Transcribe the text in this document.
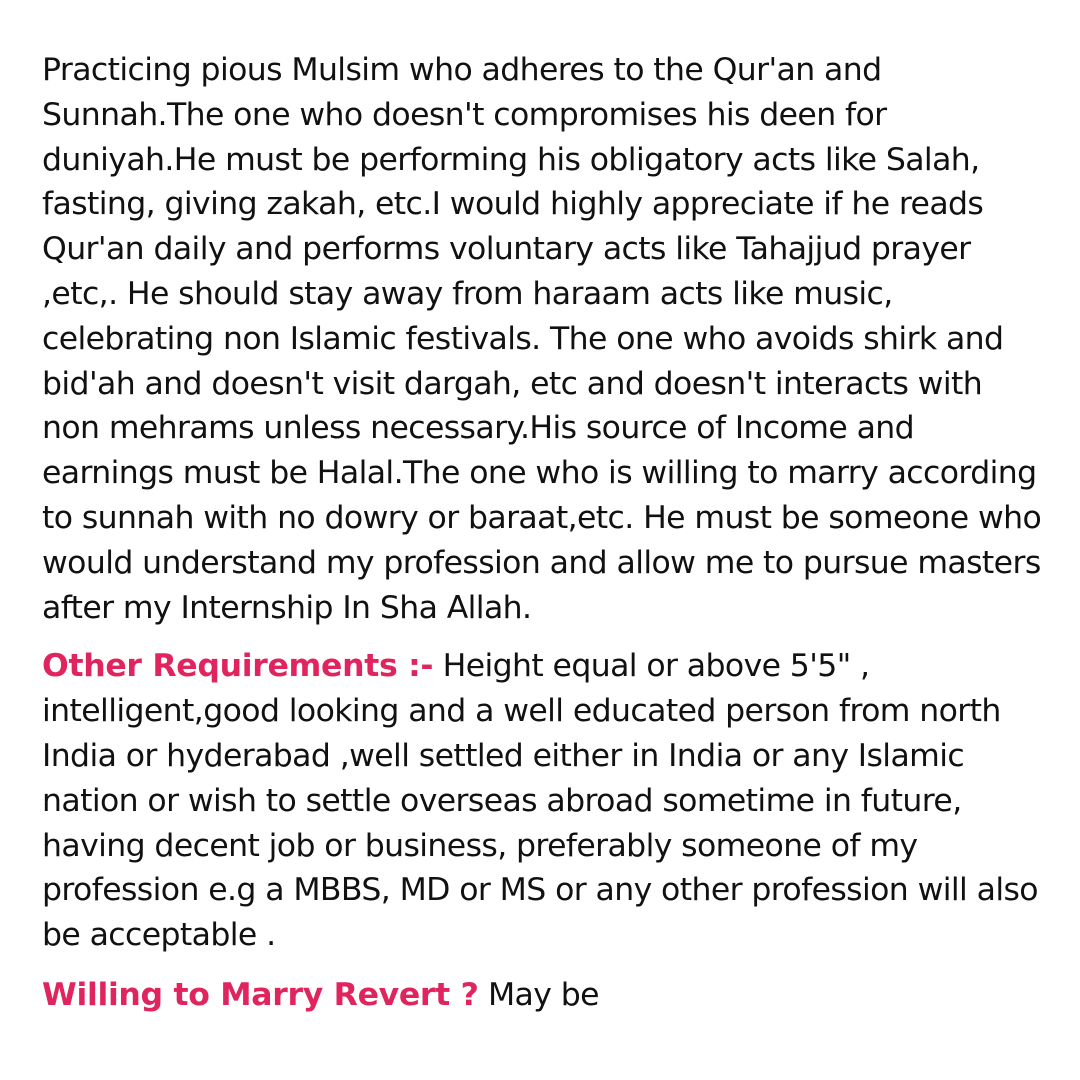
Practicing pious Mulsim who adheres to the Qur'an and Sunnah.The one who doesn't compromises his deen for duniyah.He must be performing his obligatory acts like Salah, fasting, giving zakah, etc.I would highly appreciate if he reads Qur'an daily and performs voluntary acts like Tahajjud prayer ,etc,. He should stay away from haraam acts like music, celebrating non Islamic festivals. The one who avoids shirk and bid'ah and doesn't visit dargah, etc and doesn't interacts with non mehrams unless necessary.His source of Income and earnings must be Halal.The one who is willing to marry according to sunnah with no dowry or baraat,etc. He must be someone who would understand my profession and allow me to pursue masters after my Internship In Sha Allah.

Other Requirements :- Height equal or above 5'5" , intelligent,good looking and a well educated person from north India or hyderabad ,well settled either in India or any Islamic nation or wish to settle overseas abroad sometime in future, having decent job or business, preferably someone of my profession e.g a MBBS, MD or MS or any other profession will also be acceptable .

Willing to Marry Revert ? May be
